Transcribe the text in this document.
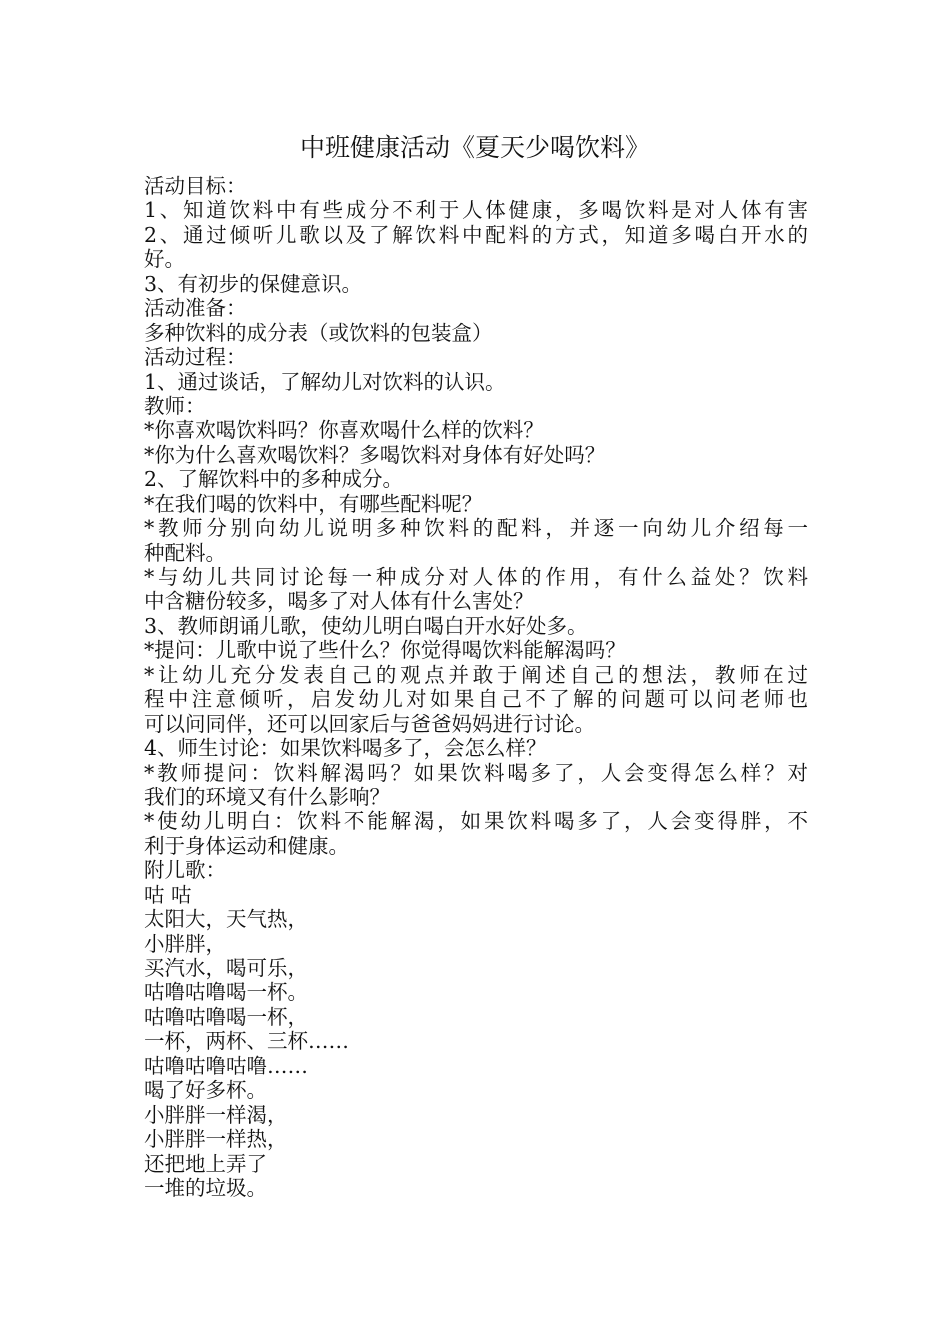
中班健康活动《夏天少喝饮料》
活动目标：
1、知道饮料中有些成分不利于人体健康，多喝饮料是对人体有害
2、通过倾听儿歌以及了解饮料中配料的方式，知道多喝白开水的
好。
3、有初步的保健意识。
活动准备：
多种饮料的成分表（或饮料的包装盒）
活动过程：
1、通过谈话，了解幼儿对饮料的认识。
教师：
*你喜欢喝饮料吗？你喜欢喝什么样的饮料？
*你为什么喜欢喝饮料？多喝饮料对身体有好处吗？
2、了解饮料中的多种成分。
*在我们喝的饮料中，有哪些配料呢？
*教师分别向幼儿说明多种饮料的配料，并逐一向幼儿介绍每一
种配料。
*与幼儿共同讨论每一种成分对人体的作用，有什么益处？饮料
中含糖份较多，喝多了对人体有什么害处？
3、教师朗诵儿歌，使幼儿明白喝白开水好处多。
*提问：儿歌中说了些什么？你觉得喝饮料能解渴吗？
*让幼儿充分发表自己的观点并敢于阐述自己的想法，教师在过
程中注意倾听，启发幼儿对如果自己不了解的问题可以问老师也
可以问同伴，还可以回家后与爸爸妈妈进行讨论。
4、师生讨论：如果饮料喝多了，会怎么样？
*教师提问：饮料解渴吗？如果饮料喝多了，人会变得怎么样？对
我们的环境又有什么影响？
*使幼儿明白：饮料不能解渴，如果饮料喝多了，人会变得胖，不
利于身体运动和健康。
附儿歌：
咕 咕
太阳大，天气热，
小胖胖，
买汽水，喝可乐，
咕噜咕噜喝一杯。
咕噜咕噜喝一杯，
一杯，两杯、三杯……
咕噜咕噜咕噜……
喝了好多杯。
小胖胖一样渴，
小胖胖一样热，
还把地上弄了
一堆的垃圾。
